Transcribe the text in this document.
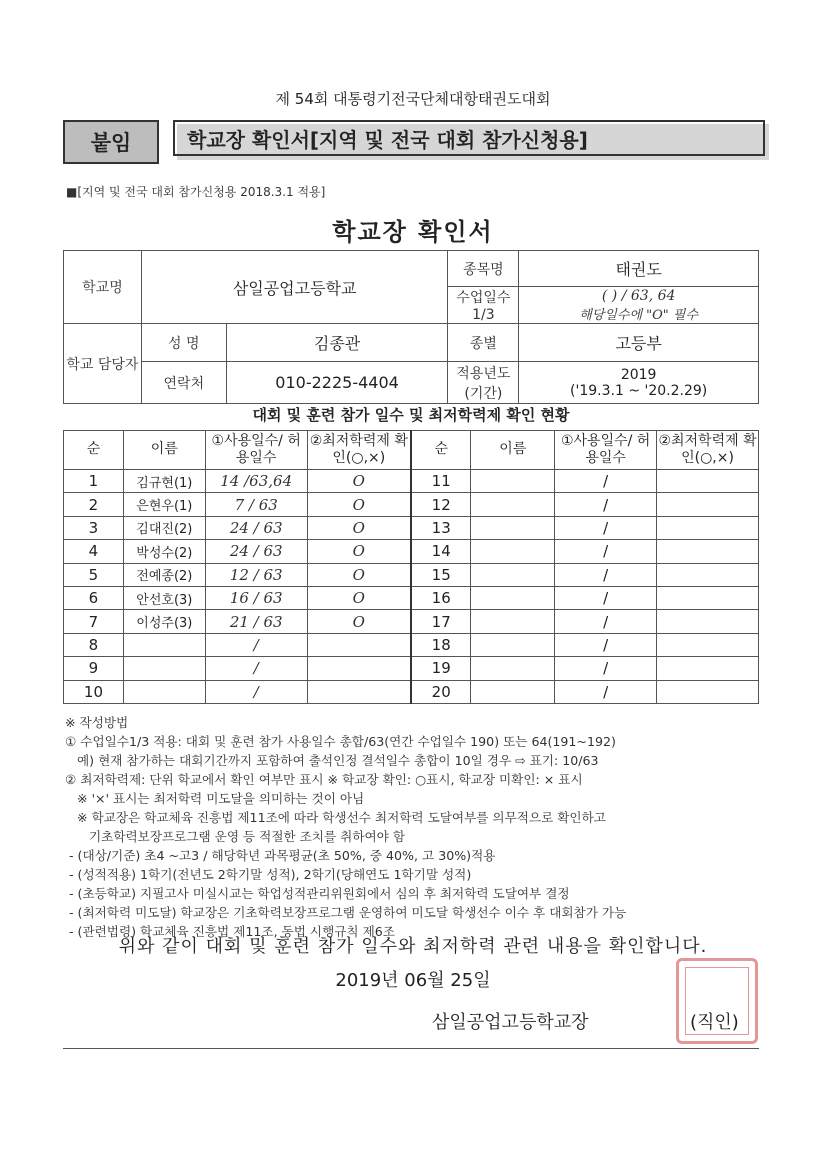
제 54회 대통령기전국단체대항태권도대회
붙임	학교장 확인서[지역 및 전국 대회 참가신청용]
■[지역 및 전국 대회 참가신청용 2018.3.1 적용]
학교장 확인서
학교명	삼일공업고등학교		종목명	태권도
			수업일수 1/3	( ) / 63, 64
해당일수에 "O" 필수

학교 담당자	성 명	김종관	종별	고등부
	연락처	010-2225-4404	적용년도 (기간)	2019
('19.3.1 ~ '20.2.29)
대회 및 훈련 참가 일수 및 최저학력제 확인 현황
순	이름	①사용일수/ 허용일수	②최저학력제 확인(○,×)	순	이름	①사용일수/ 허용일수	②최저학력제 확인(○,×)
1	김규현(1)	14 /63,64	O	11		/	
2	은현우(1)	7 / 63	O	12		/	
3	김대진(2)	24 / 63	O	13		/	
4	박성수(2)	24 / 63	O	14		/	
5	전예종(2)	12 / 63	O	15		/	
6	안선호(3)	16 / 63	O	16		/	
7	이성주(3)	21 / 63	O	17		/	
8		/		18		/	
9		/		19		/	
10		/		20		/	
※ 작성방법
① 수업일수1/3 적용: 대회 및 훈련 참가 사용일수 총합/63(연간 수업일수 190) 또는 64(191~192)
예) 현재 참가하는 대회기간까지 포함하여 출석인정 결석일수 총합이 10일 경우 ⇨ 표기: 10/63
② 최저학력제: 단위 학교에서 확인 여부만 표시 ※ 학교장 확인: ○표시, 학교장 미확인: × 표시
※ '×' 표시는 최저학력 미도달을 의미하는 것이 아님
※ 학교장은 학교체육 진흥법 제11조에 따라 학생선수 최저학력 도달여부를 의무적으로 확인하고
기초학력보장프로그램 운영 등 적절한 조치를 취하여야 함
- (대상/기준) 초4 ~고3 / 해당학년 과목평균(초 50%, 중 40%, 고 30%)적용
- (성적적용) 1학기(전년도 2학기말 성적), 2학기(당해연도 1학기말 성적)
- (초등학교) 지필고사 미실시교는 학업성적관리위원회에서 심의 후 최저학력 도달여부 결정
- (최저학력 미도달) 학교장은 기초학력보장프로그램 운영하여 미도달 학생선수 이수 후 대회참가 가능
- (관련법령) 학교체육 진흥법 제11조, 동법 시행규칙 제6조
위와 같이 대회 및 훈련 참가 일수와 최저학력 관련 내용을 확인합니다.
2019년 06월 25일
삼일공업고등학교장	(직인)
